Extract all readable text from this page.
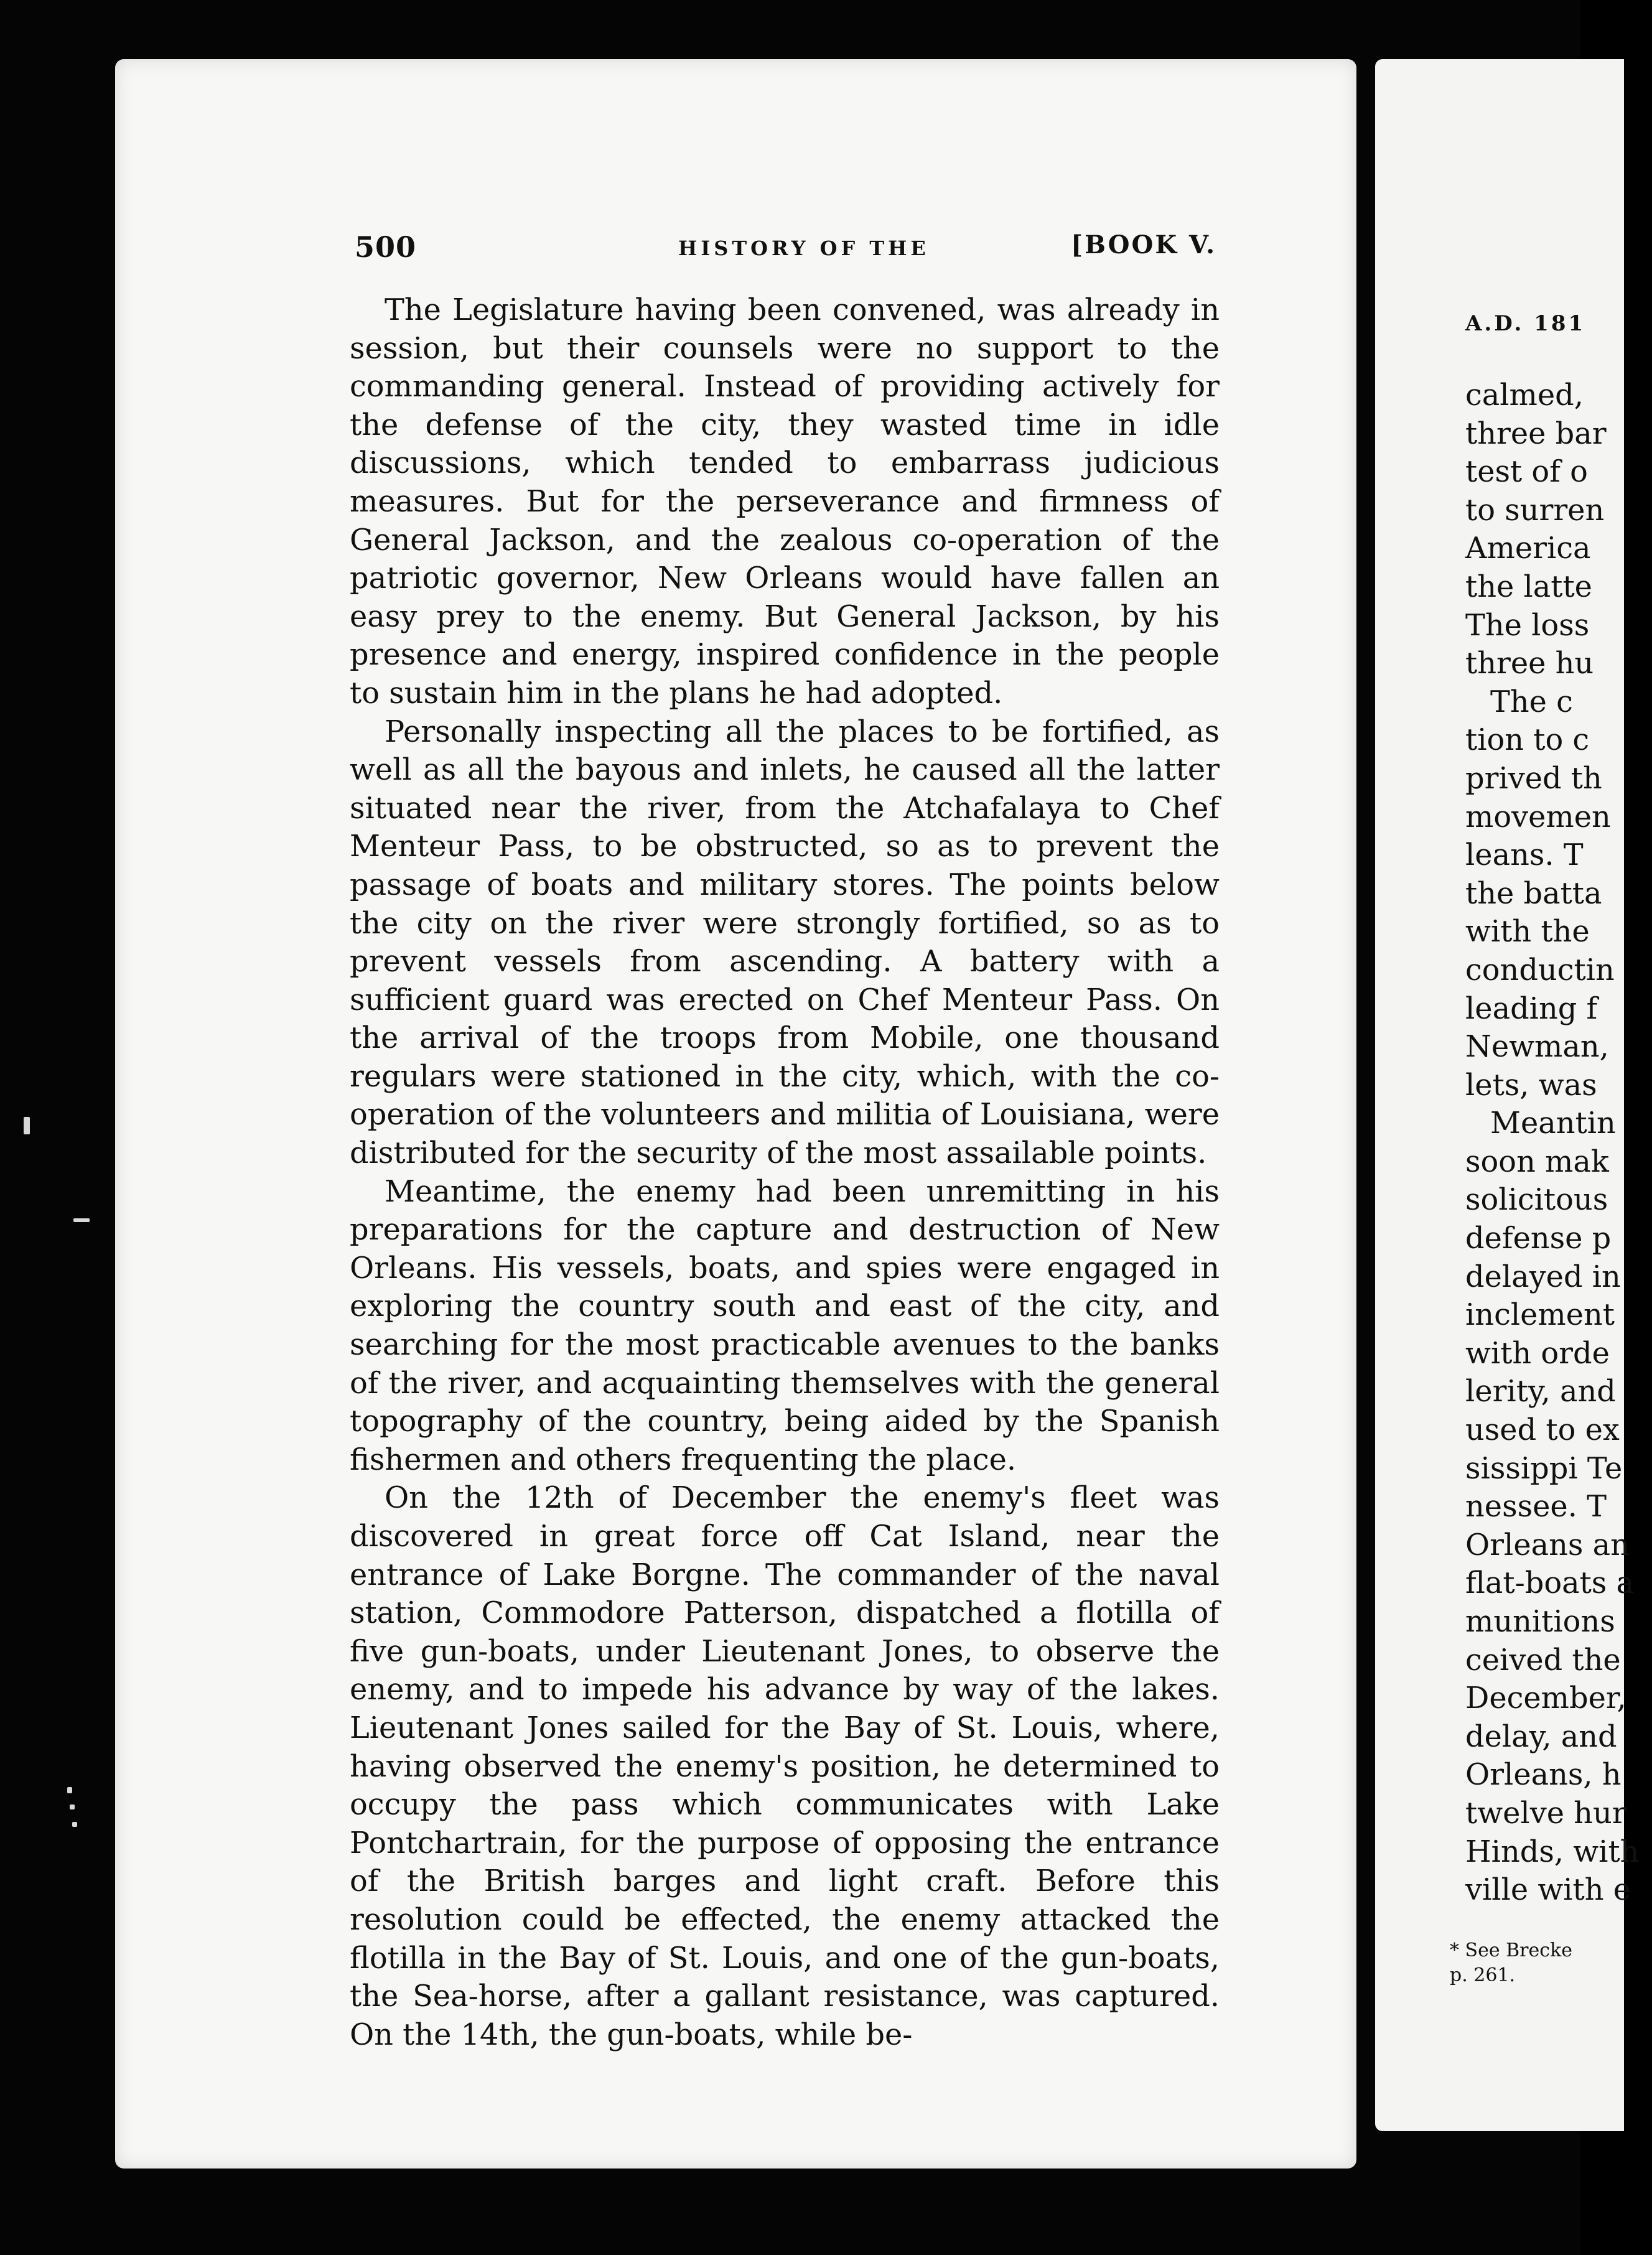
500	HISTORY OF THE	[BOOK V.

The Legislature having been convened, was already in session, but their counsels were no support to the commanding general. Instead of providing actively for the defense of the city, they wasted time in idle discussions, which tended to embarrass judicious measures. But for the perseverance and firmness of General Jackson, and the zealous co-operation of the patriotic governor, New Orleans would have fallen an easy prey to the enemy. But General Jackson, by his presence and energy, inspired confidence in the people to sustain him in the plans he had adopted.

Personally inspecting all the places to be fortified, as well as all the bayous and inlets, he caused all the latter situated near the river, from the Atchafalaya to Chef Menteur Pass, to be obstructed, so as to prevent the passage of boats and military stores. The points below the city on the river were strongly fortified, so as to prevent vessels from ascending. A battery with a sufficient guard was erected on Chef Menteur Pass. On the arrival of the troops from Mobile, one thousand regulars were stationed in the city, which, with the co-operation of the volunteers and militia of Louisiana, were distributed for the security of the most assailable points.

Meantime, the enemy had been unremitting in his preparations for the capture and destruction of New Orleans. His vessels, boats, and spies were engaged in exploring the country south and east of the city, and searching for the most practicable avenues to the banks of the river, and acquainting themselves with the general topography of the country, being aided by the Spanish fishermen and others frequenting the place.

On the 12th of December the enemy's fleet was discovered in great force off Cat Island, near the entrance of Lake Borgne. The commander of the naval station, Commodore Patterson, dispatched a flotilla of five gun-boats, under Lieutenant Jones, to observe the enemy, and to impede his advance by way of the lakes. Lieutenant Jones sailed for the Bay of St. Louis, where, having observed the enemy's position, he determined to occupy the pass which communicates with Lake Pontchartrain, for the purpose of opposing the entrance of the British barges and light craft. Before this resolution could be effected, the enemy attacked the flotilla in the Bay of St. Louis, and one of the gun-boats, the Sea-horse, after a gallant resistance, was captured. On the 14th, the gun-boats, while be-

A.D. 181
calmed,
three bar
test of o
to surren
America
the latte
The loss
three hu
The c
tion to c
prived th
movemen
leans. T
the batta
with the
conductin
leading f
Newman,
lets, was
Meantin
soon mak
solicitous
defense p
delayed in
inclement
with orde
lerity, and
used to ex
sissippi Te
nessee. T
Orleans an
flat-boats a
munitions
ceived the
December,
delay, and
Orleans, h
twelve hur
Hinds, with
ville with e
* See Brecke
p. 261.
